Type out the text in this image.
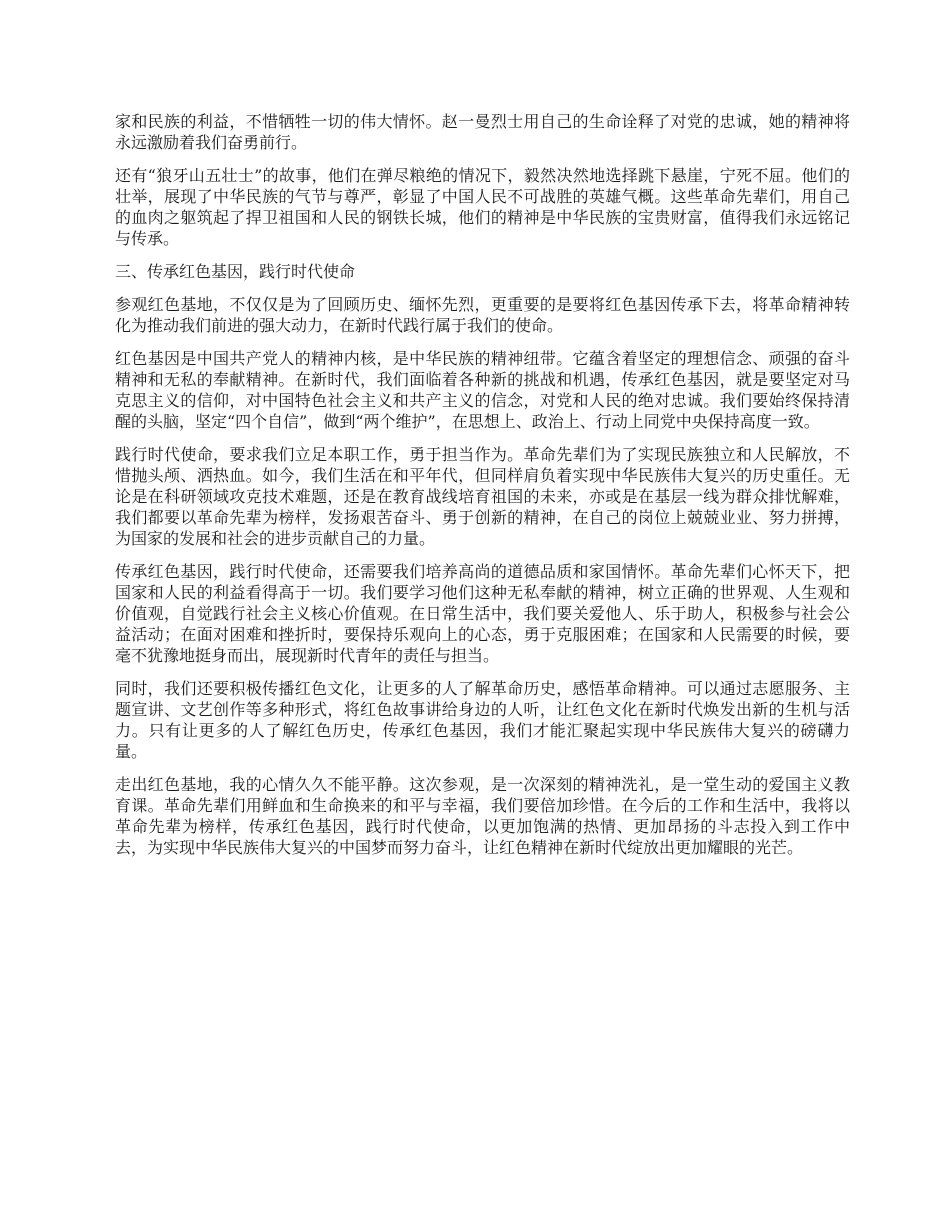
家和民族的利益，不惜牺牲一切的伟大情怀。赵一曼烈士用自己的生命诠释了对党的忠诚，她的精神将永远激励着我们奋勇前行。

还有“狼牙山五壮士”的故事，他们在弹尽粮绝的情况下，毅然决然地选择跳下悬崖，宁死不屈。他们的壮举，展现了中华民族的气节与尊严，彰显了中国人民不可战胜的英雄气概。这些革命先辈们，用自己的血肉之躯筑起了捍卫祖国和人民的钢铁长城，他们的精神是中华民族的宝贵财富，值得我们永远铭记与传承。

三、传承红色基因，践行时代使命

参观红色基地，不仅仅是为了回顾历史、缅怀先烈，更重要的是要将红色基因传承下去，将革命精神转化为推动我们前进的强大动力，在新时代践行属于我们的使命。

红色基因是中国共产党人的精神内核，是中华民族的精神纽带。它蕴含着坚定的理想信念、顽强的奋斗精神和无私的奉献精神。在新时代，我们面临着各种新的挑战和机遇，传承红色基因，就是要坚定对马克思主义的信仰，对中国特色社会主义和共产主义的信念，对党和人民的绝对忠诚。我们要始终保持清醒的头脑，坚定“四个自信”，做到“两个维护”，在思想上、政治上、行动上同党中央保持高度一致。

践行时代使命，要求我们立足本职工作，勇于担当作为。革命先辈们为了实现民族独立和人民解放，不惜抛头颅、洒热血。如今，我们生活在和平年代，但同样肩负着实现中华民族伟大复兴的历史重任。无论是在科研领域攻克技术难题，还是在教育战线培育祖国的未来，亦或是在基层一线为群众排忧解难，我们都要以革命先辈为榜样，发扬艰苦奋斗、勇于创新的精神，在自己的岗位上兢兢业业、努力拼搏，为国家的发展和社会的进步贡献自己的力量。

传承红色基因，践行时代使命，还需要我们培养高尚的道德品质和家国情怀。革命先辈们心怀天下，把国家和人民的利益看得高于一切。我们要学习他们这种无私奉献的精神，树立正确的世界观、人生观和价值观，自觉践行社会主义核心价值观。在日常生活中，我们要关爱他人、乐于助人，积极参与社会公益活动；在面对困难和挫折时，要保持乐观向上的心态，勇于克服困难；在国家和人民需要的时候，要毫不犹豫地挺身而出，展现新时代青年的责任与担当。

同时，我们还要积极传播红色文化，让更多的人了解革命历史，感悟革命精神。可以通过志愿服务、主题宣讲、文艺创作等多种形式，将红色故事讲给身边的人听，让红色文化在新时代焕发出新的生机与活力。只有让更多的人了解红色历史，传承红色基因，我们才能汇聚起实现中华民族伟大复兴的磅礴力量。

走出红色基地，我的心情久久不能平静。这次参观，是一次深刻的精神洗礼，是一堂生动的爱国主义教育课。革命先辈们用鲜血和生命换来的和平与幸福，我们要倍加珍惜。在今后的工作和生活中，我将以革命先辈为榜样，传承红色基因，践行时代使命，以更加饱满的热情、更加昂扬的斗志投入到工作中去，为实现中华民族伟大复兴的中国梦而努力奋斗，让红色精神在新时代绽放出更加耀眼的光芒。
